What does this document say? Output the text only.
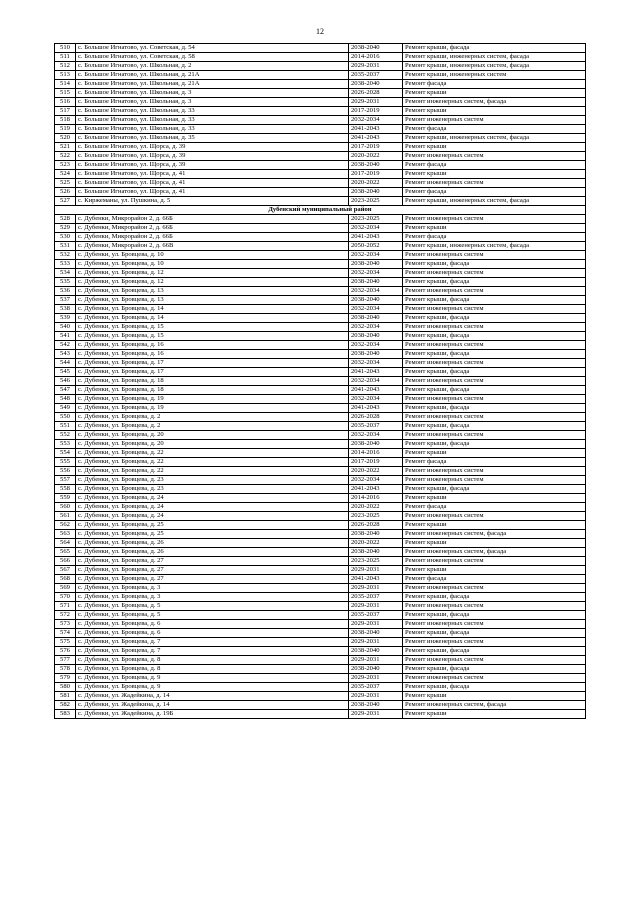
12
510	с. Большое Игнатово, ул. Советская, д. 54	2038-2040	Ремонт крыши, фасада
511	с. Большое Игнатово, ул. Советская, д. 58	2014-2016	Ремонт крыши, инженерных систем, фасада
512	с. Большое Игнатово, ул. Школьная, д. 2	2029-2031	Ремонт крыши, инженерных систем, фасада
513	с. Большое Игнатово, ул. Школьная, д. 21А	2035-2037	Ремонт крыши, инженерных систем
514	с. Большое Игнатово, ул. Школьная, д. 21А	2038-2040	Ремонт фасада
515	с. Большое Игнатово, ул. Школьная, д. 3	2026-2028	Ремонт крыши
516	с. Большое Игнатово, ул. Школьная, д. 3	2029-2031	Ремонт инженерных систем, фасада
517	с. Большое Игнатово, ул. Школьная, д. 33	2017-2019	Ремонт крыши
518	с. Большое Игнатово, ул. Школьная, д. 33	2032-2034	Ремонт инженерных систем
519	с. Большое Игнатово, ул. Школьная, д. 33	2041-2043	Ремонт фасада
520	с. Большое Игнатово, ул. Школьная, д. 35	2041-2043	Ремонт крыши, инженерных систем, фасада
521	с. Большое Игнатово, ул. Щорса, д. 39	2017-2019	Ремонт крыши
522	с. Большое Игнатово, ул. Щорса, д. 39	2020-2022	Ремонт инженерных систем
523	с. Большое Игнатово, ул. Щорса, д. 39	2038-2040	Ремонт фасада
524	с. Большое Игнатово, ул. Щорса, д. 41	2017-2019	Ремонт крыши
525	с. Большое Игнатово, ул. Щорса, д. 41	2020-2022	Ремонт инженерных систем
526	с. Большое Игнатово, ул. Щорса, д. 41	2038-2040	Ремонт фасада
527	с. Киржеманы, ул. Пушкина, д. 5	2023-2025	Ремонт крыши, инженерных систем, фасада
Дубенский муниципальный район			
528	с. Дубенки, Микрорайон 2, д. 66Б	2023-2025	Ремонт инженерных систем
529	с. Дубенки, Микрорайон 2, д. 66Б	2032-2034	Ремонт крыши
530	с. Дубенки, Микрорайон 2, д. 66Б	2041-2043	Ремонт фасада
531	с. Дубенки, Микрорайон 2, д. 66В	2050-2052	Ремонт крыши, инженерных систем, фасада
532	с. Дубенки, ул. Бровцева, д. 10	2032-2034	Ремонт инженерных систем
533	с. Дубенки, ул. Бровцева, д. 10	2038-2040	Ремонт крыши, фасада
534	с. Дубенки, ул. Бровцева, д. 12	2032-2034	Ремонт инженерных систем
535	с. Дубенки, ул. Бровцева, д. 12	2038-2040	Ремонт крыши, фасада
536	с. Дубенки, ул. Бровцева, д. 13	2032-2034	Ремонт инженерных систем
537	с. Дубенки, ул. Бровцева, д. 13	2038-2040	Ремонт крыши, фасада
538	с. Дубенки, ул. Бровцева, д. 14	2032-2034	Ремонт инженерных систем
539	с. Дубенки, ул. Бровцева, д. 14	2038-2040	Ремонт крыши, фасада
540	с. Дубенки, ул. Бровцева, д. 15	2032-2034	Ремонт инженерных систем
541	с. Дубенки, ул. Бровцева, д. 15	2038-2040	Ремонт крыши, фасада
542	с. Дубенки, ул. Бровцева, д. 16	2032-2034	Ремонт инженерных систем
543	с. Дубенки, ул. Бровцева, д. 16	2038-2040	Ремонт крыши, фасада
544	с. Дубенки, ул. Бровцева, д. 17	2032-2034	Ремонт инженерных систем
545	с. Дубенки, ул. Бровцева, д. 17	2041-2043	Ремонт крыши, фасада
546	с. Дубенки, ул. Бровцева, д. 18	2032-2034	Ремонт инженерных систем
547	с. Дубенки, ул. Бровцева, д. 18	2041-2043	Ремонт крыши, фасада
548	с. Дубенки, ул. Бровцева, д. 19	2032-2034	Ремонт инженерных систем
549	с. Дубенки, ул. Бровцева, д. 19	2041-2043	Ремонт крыши, фасада
550	с. Дубенки, ул. Бровцева, д. 2	2026-2028	Ремонт инженерных систем
551	с. Дубенки, ул. Бровцева, д. 2	2035-2037	Ремонт крыши, фасада
552	с. Дубенки, ул. Бровцева, д. 20	2032-2034	Ремонт инженерных систем
553	с. Дубенки, ул. Бровцева, д. 20	2038-2040	Ремонт крыши, фасада
554	с. Дубенки, ул. Бровцева, д. 22	2014-2016	Ремонт крыши
555	с. Дубенки, ул. Бровцева, д. 22	2017-2019	Ремонт фасада
556	с. Дубенки, ул. Бровцева, д. 22	2020-2022	Ремонт инженерных систем
557	с. Дубенки, ул. Бровцева, д. 23	2032-2034	Ремонт инженерных систем
558	с. Дубенки, ул. Бровцева, д. 23	2041-2043	Ремонт крыши, фасада
559	с. Дубенки, ул. Бровцева, д. 24	2014-2016	Ремонт крыши
560	с. Дубенки, ул. Бровцева, д. 24	2020-2022	Ремонт фасада
561	с. Дубенки, ул. Бровцева, д. 24	2023-2025	Ремонт инженерных систем
562	с. Дубенки, ул. Бровцева, д. 25	2026-2028	Ремонт крыши
563	с. Дубенки, ул. Бровцева, д. 25	2038-2040	Ремонт инженерных систем, фасада
564	с. Дубенки, ул. Бровцева, д. 26	2020-2022	Ремонт крыши
565	с. Дубенки, ул. Бровцева, д. 26	2038-2040	Ремонт инженерных систем, фасада
566	с. Дубенки, ул. Бровцева, д. 27	2023-2025	Ремонт инженерных систем
567	с. Дубенки, ул. Бровцева, д. 27	2029-2031	Ремонт крыши
568	с. Дубенки, ул. Бровцева, д. 27	2041-2043	Ремонт фасада
569	с. Дубенки, ул. Бровцева, д. 3	2029-2031	Ремонт инженерных систем
570	с. Дубенки, ул. Бровцева, д. 3	2035-2037	Ремонт крыши, фасада
571	с. Дубенки, ул. Бровцева, д. 5	2029-2031	Ремонт инженерных систем
572	с. Дубенки, ул. Бровцева, д. 5	2035-2037	Ремонт крыши, фасада
573	с. Дубенки, ул. Бровцева, д. 6	2029-2031	Ремонт инженерных систем
574	с. Дубенки, ул. Бровцева, д. 6	2038-2040	Ремонт крыши, фасада
575	с. Дубенки, ул. Бровцева, д. 7	2029-2031	Ремонт инженерных систем
576	с. Дубенки, ул. Бровцева, д. 7	2038-2040	Ремонт крыши, фасада
577	с. Дубенки, ул. Бровцева, д. 8	2029-2031	Ремонт инженерных систем
578	с. Дубенки, ул. Бровцева, д. 8	2038-2040	Ремонт крыши, фасада
579	с. Дубенки, ул. Бровцева, д. 9	2029-2031	Ремонт инженерных систем
580	с. Дубенки, ул. Бровцева, д. 9	2035-2037	Ремонт крыши, фасада
581	с. Дубенки, ул. Жадейкина, д. 14	2029-2031	Ремонт крыши
582	с. Дубенки, ул. Жадейкина, д. 14	2038-2040	Ремонт инженерных систем, фасада
583	с. Дубенки, ул. Жадейкина, д. 19Б	2029-2031	Ремонт крыши
